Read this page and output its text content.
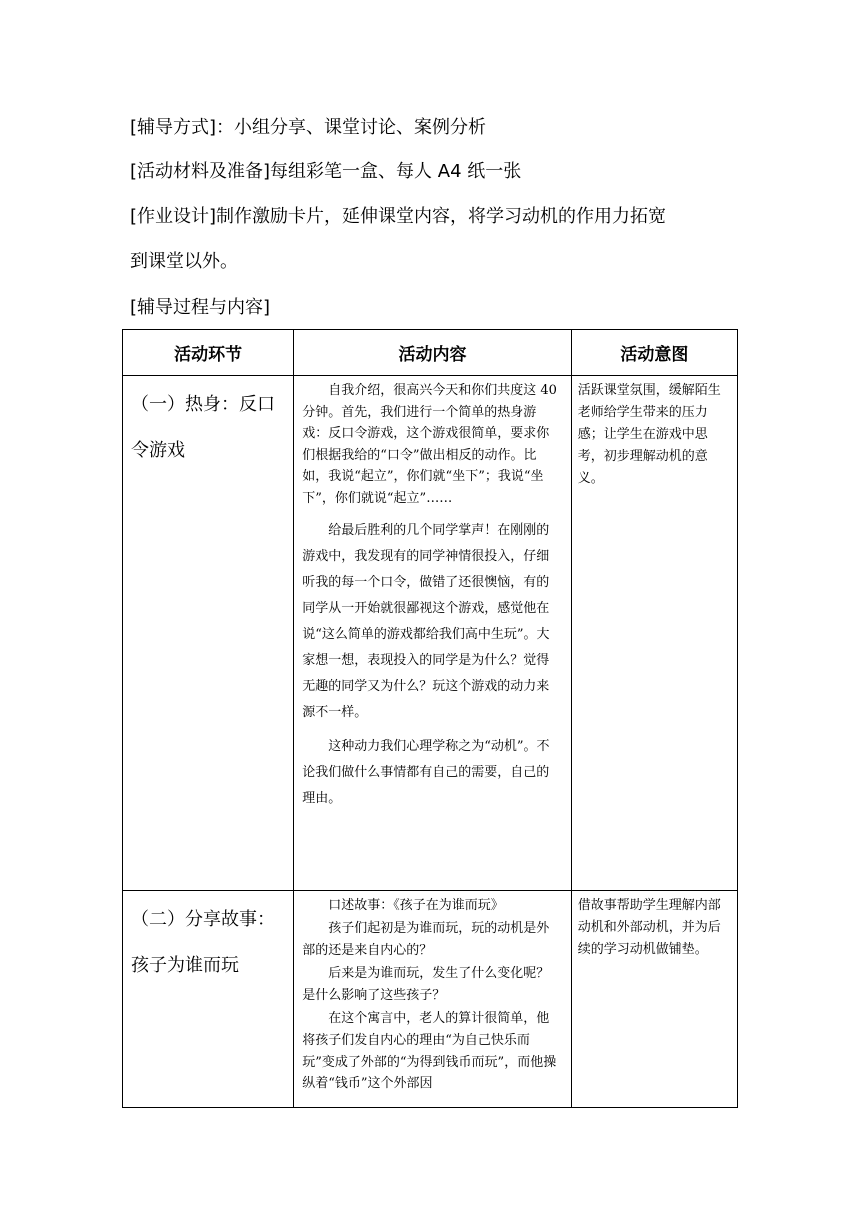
[辅导方式]：小组分享、课堂讨论、案例分析
[活动材料及准备]每组彩笔一盒、每人 A4 纸一张
[作业设计]制作激励卡片，延伸课堂内容，将学习动机的作用力拓宽
到课堂以外。
[辅导过程与内容]
活动环节	活动内容	活动意图

（一）热身：反口令游戏	自我介绍，很高兴今天和你们共度这 40 分钟。首先，我们进行一个简单的热身游戏：反口令游戏，这个游戏很简单，要求你们根据我给的“口令”做出相反的动作。比如，我说“起立”，你们就“坐下”；我说“坐下”，你们就说“起立”……

给最后胜利的几个同学掌声！在刚刚的游戏中，我发现有的同学神情很投入，仔细听我的每一个口令，做错了还很懊恼，有的同学从一开始就很鄙视这个游戏，感觉他在说“这么简单的游戏都给我们高中生玩”。大家想一想，表现投入的同学是为什么？觉得无趣的同学又为什么？玩这个游戏的动力来源不一样。

这种动力我们心理学称之为“动机”。不论我们做什么事情都有自己的需要，自己的理由。	活跃课堂氛围，缓解陌生老师给学生带来的压力感；让学生在游戏中思考，初步理解动机的意义。

（二）分享故事：孩子为谁而玩	口述故事：《孩子在为谁而玩》

孩子们起初是为谁而玩，玩的动机是外部的还是来自内心的？

后来是为谁而玩，发生了什么变化呢？是什么影响了这些孩子？

在这个寓言中，老人的算计很简单，他将孩子们发自内心的理由“为自己快乐而玩”变成了外部的“为得到钱币而玩”，而他操纵着“钱币”这个外部因	借故事帮助学生理解内部动机和外部动机，并为后续的学习动机做铺垫。
